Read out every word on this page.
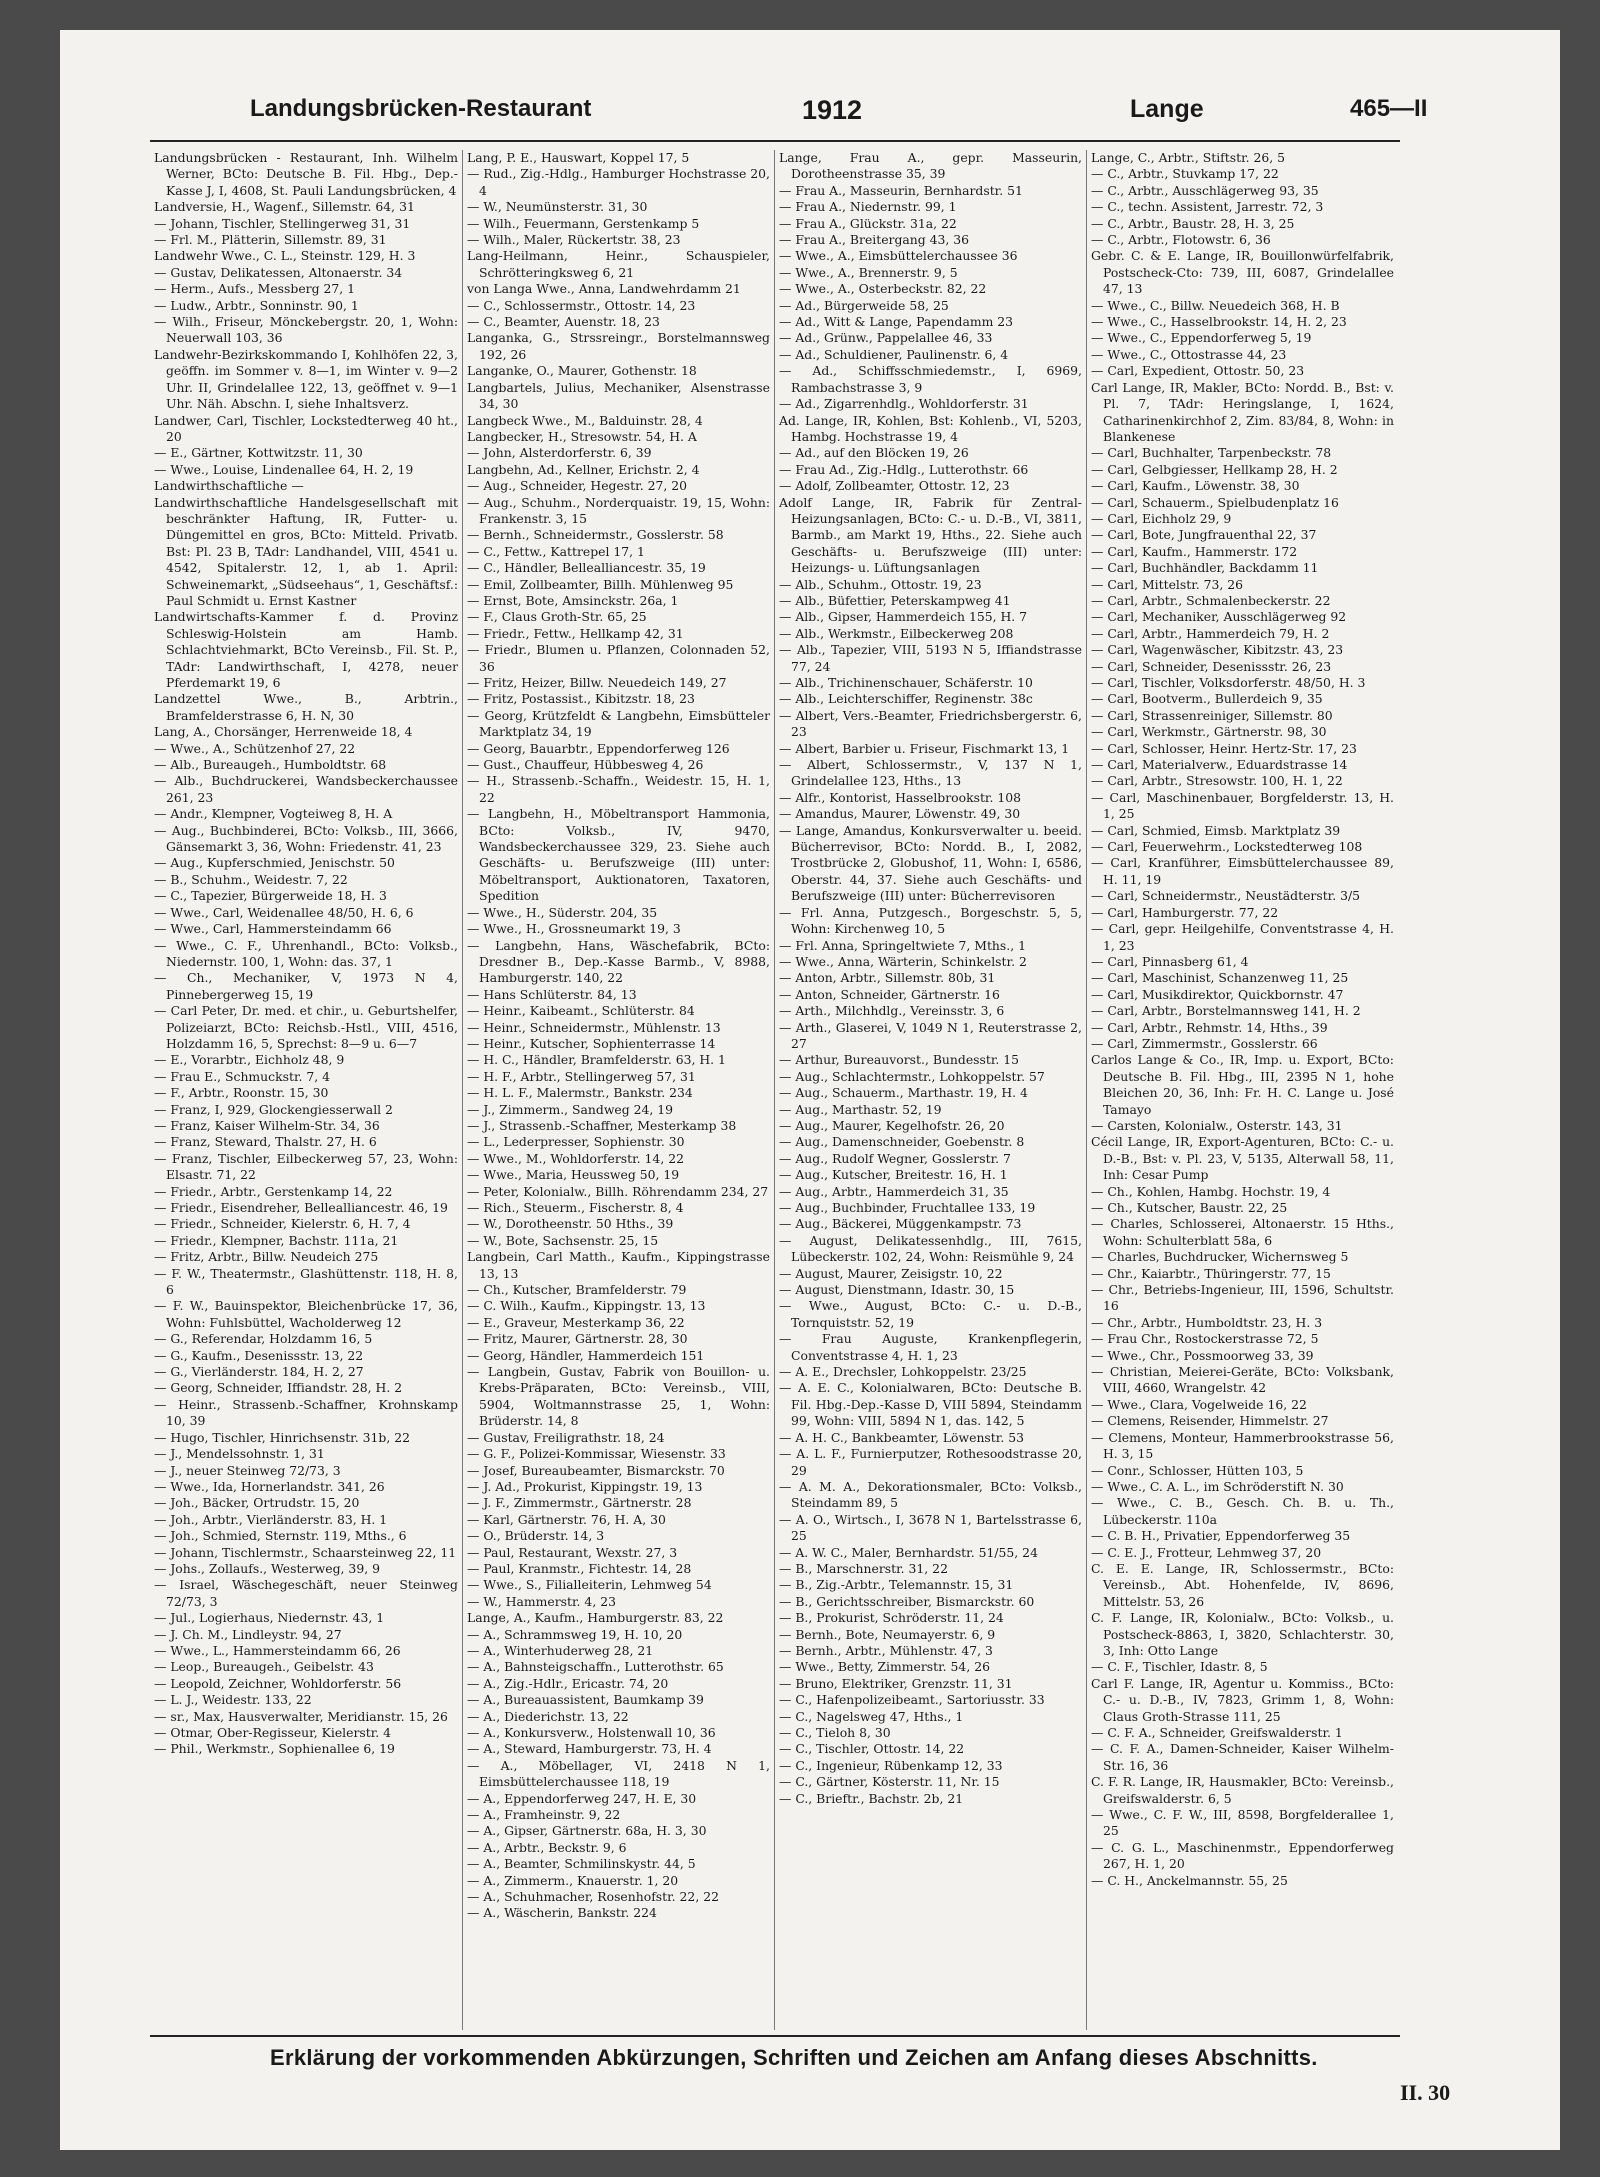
Landungsbrücken-Restaurant	1912	Lange	465—II
Landungsbrücken - Restaurant, Inh. Wilhelm Werner, BCto: Deutsche B. Fil. Hbg., Dep.-Kasse J, I, 4608, St. Pauli Landungsbrücken, 4
Landversie, H., Wagenf., Sillemstr. 64, 31
— Johann, Tischler, Stellingerweg 31, 31
— Frl. M., Plätterin, Sillemstr. 89, 31
Landwehr Wwe., C. L., Steinstr. 129, H. 3
— Gustav, Delikatessen, Altonaerstr. 34
— Herm., Aufs., Messberg 27, 1
— Ludw., Arbtr., Sonninstr. 90, 1
— Wilh., Friseur, Mönckebergstr. 20, 1, Wohn: Neuerwall 103, 36
Landwehr-Bezirkskommando I, Kohlhöfen 22, 3, geöffn. im Sommer v. 8—1, im Winter v. 9—2 Uhr. II, Grindelallee 122, 13, geöffnet v. 9—1 Uhr. Näh. Abschn. I, siehe Inhaltsverz.
Landwer, Carl, Tischler, Lockstedterweg 40 ht., 20
— E., Gärtner, Kottwitzstr. 11, 30
— Wwe., Louise, Lindenallee 64, H. 2, 19
Landwirthschaftliche —
Landwirthschaftliche Handelsgesellschaft mit beschränkter Haftung, IR, Futter- u. Düngemittel en gros, BCto: Mitteld. Privatb. Bst: Pl. 23 B, TAdr: Landhandel, VIII, 4541 u. 4542, Spitalerstr. 12, 1, ab 1. April: Schweinemarkt, „Südseehaus“, 1, Geschäftsf.: Paul Schmidt u. Ernst Kastner
Landwirtschafts-Kammer f. d. Provinz Schleswig-Holstein am Hamb. Schlachtviehmarkt, BCto Vereinsb., Fil. St. P., TAdr: Landwirthschaft, I, 4278, neuer Pferdemarkt 19, 6
Landzettel Wwe., B., Arbtrin., Bramfelderstrasse 6, H. N, 30
Lang, A., Chorsänger, Herrenweide 18, 4
— Wwe., A., Schützenhof 27, 22
— Alb., Bureaugeh., Humboldtstr. 68
— Alb., Buchdruckerei, Wandsbeckerchaussee 261, 23
— Andr., Klempner, Vogteiweg 8, H. A
— Aug., Buchbinderei, BCto: Volksb., III, 3666, Gänsemarkt 3, 36, Wohn: Friedenstr. 41, 23
— Aug., Kupferschmied, Jenischstr. 50
— B., Schuhm., Weidestr. 7, 22
— C., Tapezier, Bürgerweide 18, H. 3
— Wwe., Carl, Weidenallee 48/50, H. 6, 6
— Wwe., Carl, Hammersteindamm 66
— Wwe., C. F., Uhrenhandl., BCto: Volksb., Niedernstr. 100, 1, Wohn: das. 37, 1
— Ch., Mechaniker, V, 1973 N 4, Pinnebergerweg 15, 19
— Carl Peter, Dr. med. et chir., u. Geburtshelfer, Polizeiarzt, BCto: Reichsb.-Hstl., VIII, 4516, Holzdamm 16, 5, Sprechst: 8—9 u. 6—7
— E., Vorarbtr., Eichholz 48, 9
— Frau E., Schmuckstr. 7, 4
— F., Arbtr., Roonstr. 15, 30
— Franz, I, 929, Glockengiesserwall 2
— Franz, Kaiser Wilhelm-Str. 34, 36
— Franz, Steward, Thalstr. 27, H. 6
— Franz, Tischler, Eilbeckerweg 57, 23, Wohn: Elsastr. 71, 22
— Friedr., Arbtr., Gerstenkamp 14, 22
— Friedr., Eisendreher, Bellealliancestr. 46, 19
— Friedr., Schneider, Kielerstr. 6, H. 7, 4
— Friedr., Klempner, Bachstr. 111a, 21
— Fritz, Arbtr., Billw. Neudeich 275
— F. W., Theatermstr., Glashüttenstr. 118, H. 8, 6
— F. W., Bauinspektor, Bleichenbrücke 17, 36, Wohn: Fuhlsbüttel, Wacholderweg 12
— G., Referendar, Holzdamm 16, 5
— G., Kaufm., Desenissstr. 13, 22
— G., Vierländerstr. 184, H. 2, 27
— Georg, Schneider, Iffiandstr. 28, H. 2
— Heinr., Strassenb.-Schaffner, Krohnskamp 10, 39
— Hugo, Tischler, Hinrichsenstr. 31b, 22
— J., Mendelssohnstr. 1, 31
— J., neuer Steinweg 72/73, 3
— Wwe., Ida, Hornerlandstr. 341, 26
— Joh., Bäcker, Ortrudstr. 15, 20
— Joh., Arbtr., Vierländerstr. 83, H. 1
— Joh., Schmied, Sternstr. 119, Mths., 6
— Johann, Tischlermstr., Schaarsteinweg 22, 11
— Johs., Zollaufs., Westerweg, 39, 9
— Israel, Wäschegeschäft, neuer Steinweg 72/73, 3
— Jul., Logierhaus, Niedernstr. 43, 1
— J. Ch. M., Lindleystr. 94, 27
— Wwe., L., Hammersteindamm 66, 26
— Leop., Bureaugeh., Geibelstr. 43
— Leopold, Zeichner, Wohldorferstr. 56
— L. J., Weidestr. 133, 22
— sr., Max, Hausverwalter, Meridianstr. 15, 26
— Otmar, Ober-Regisseur, Kielerstr. 4
— Phil., Werkmstr., Sophienallee 6, 19
Lang, P. E., Hauswart, Koppel 17, 5
— Rud., Zig.-Hdlg., Hamburger Hochstrasse 20, 4
— W., Neumünsterstr. 31, 30
— Wilh., Feuermann, Gerstenkamp 5
— Wilh., Maler, Rückertstr. 38, 23
Lang-Heilmann, Heinr., Schauspieler, Schrötteringksweg 6, 21
von Langa Wwe., Anna, Landwehrdamm 21
— C., Schlossermstr., Ottostr. 14, 23
— C., Beamter, Auenstr. 18, 23
Langanka, G., Strssreingr., Borstelmannsweg 192, 26
Langanke, O., Maurer, Gothenstr. 18
Langbartels, Julius, Mechaniker, Alsenstrasse 34, 30
Langbeck Wwe., M., Balduinstr. 28, 4
Langbecker, H., Stresowstr. 54, H. A
— John, Alsterdorferstr. 6, 39
Langbehn, Ad., Kellner, Erichstr. 2, 4
— Aug., Schneider, Hegestr. 27, 20
— Aug., Schuhm., Norderquaistr. 19, 15, Wohn: Frankenstr. 3, 15
— Bernh., Schneidermstr., Gosslerstr. 58
— C., Fettw., Kattrepel 17, 1
— C., Händler, Bellealliancestr. 35, 19
— Emil, Zollbeamter, Billh. Mühlenweg 95
— Ernst, Bote, Amsinckstr. 26a, 1
— F., Claus Groth-Str. 65, 25
— Friedr., Fettw., Hellkamp 42, 31
— Friedr., Blumen u. Pflanzen, Colonnaden 52, 36
— Fritz, Heizer, Billw. Neuedeich 149, 27
— Fritz, Postassist., Kibitzstr. 18, 23
— Georg, Krützfeldt & Langbehn, Eimsbütteler Marktplatz 34, 19
— Georg, Bauarbtr., Eppendorferweg 126
— Gust., Chauffeur, Hübbesweg 4, 26
— H., Strassenb.-Schaffn., Weidestr. 15, H. 1, 22
— Langbehn, H., Möbeltransport Hammonia, BCto: Volksb., IV, 9470, Wandsbeckerchaussee 329, 23. Siehe auch Geschäfts- u. Berufszweige (III) unter: Möbeltransport, Auktionatoren, Taxatoren, Spedition
— Wwe., H., Süderstr. 204, 35
— Wwe., H., Grossneumarkt 19, 3
— Langbehn, Hans, Wäschefabrik, BCto: Dresdner B., Dep.-Kasse Barmb., V, 8988, Hamburgerstr. 140, 22
— Hans Schlüterstr. 84, 13
— Heinr., Kaibeamt., Schlüterstr. 84
— Heinr., Schneidermstr., Mühlenstr. 13
— Heinr., Kutscher, Sophienterrasse 14
— H. C., Händler, Bramfelderstr. 63, H. 1
— H. F., Arbtr., Stellingerweg 57, 31
— H. L. F., Malermstr., Bankstr. 234
— J., Zimmerm., Sandweg 24, 19
— J., Strassenb.-Schaffner, Mesterkamp 38
— L., Lederpresser, Sophienstr. 30
— Wwe., M., Wohldorferstr. 14, 22
— Wwe., Maria, Heussweg 50, 19
— Peter, Kolonialw., Billh. Röhrendamm 234, 27
— Rich., Steuerm., Fischerstr. 8, 4
— W., Dorotheenstr. 50 Hths., 39
— W., Bote, Sachsenstr. 25, 15
Langbein, Carl Matth., Kaufm., Kippingstrasse 13, 13
— Ch., Kutscher, Bramfelderstr. 79
— C. Wilh., Kaufm., Kippingstr. 13, 13
— E., Graveur, Mesterkamp 36, 22
— Fritz, Maurer, Gärtnerstr. 28, 30
— Georg, Händler, Hammerdeich 151
— Langbein, Gustav, Fabrik von Bouillon- u. Krebs-Präparaten, BCto: Vereinsb., VIII, 5904, Woltmannstrasse 25, 1, Wohn: Brüderstr. 14, 8
— Gustav, Freiligrathstr. 18, 24
— G. F., Polizei-Kommissar, Wiesenstr. 33
— Josef, Bureaubeamter, Bismarckstr. 70
— J. Ad., Prokurist, Kippingstr. 19, 13
— J. F., Zimmermstr., Gärtnerstr. 28
— Karl, Gärtnerstr. 76, H. A, 30
— O., Brüderstr. 14, 3
— Paul, Restaurant, Wexstr. 27, 3
— Paul, Kranmstr., Fichtestr. 14, 28
— Wwe., S., Filialleiterin, Lehmweg 54
— W., Hammerstr. 4, 23
Lange, A., Kaufm., Hamburgerstr. 83, 22
— A., Schrammsweg 19, H. 10, 20
— A., Winterhuderweg 28, 21
— A., Bahnsteigschaffn., Lutterothstr. 65
— A., Zig.-Hdlr., Ericastr. 74, 20
— A., Bureauassistent, Baumkamp 39
— A., Diederichstr. 13, 22
— A., Konkursverw., Holstenwall 10, 36
— A., Steward, Hamburgerstr. 73, H. 4
— A., Möbellager, VI, 2418 N 1, Eimsbüttelerchaussee 118, 19
— A., Eppendorferweg 247, H. E, 30
— A., Framheinstr. 9, 22
— A., Gipser, Gärtnerstr. 68a, H. 3, 30
— A., Arbtr., Beckstr. 9, 6
— A., Beamter, Schmilinskystr. 44, 5
— A., Zimmerm., Knauerstr. 1, 20
— A., Schuhmacher, Rosenhofstr. 22, 22
— A., Wäscherin, Bankstr. 224
Lange, Frau A., gepr. Masseurin, Dorotheenstrasse 35, 39
— Frau A., Masseurin, Bernhardstr. 51
— Frau A., Niedernstr. 99, 1
— Frau A., Glückstr. 31a, 22
— Frau A., Breitergang 43, 36
— Wwe., A., Eimsbüttelerchaussee 36
— Wwe., A., Brennerstr. 9, 5
— Wwe., A., Osterbeckstr. 82, 22
— Ad., Bürgerweide 58, 25
— Ad., Witt & Lange, Papendamm 23
— Ad., Grünw., Pappelallee 46, 33
— Ad., Schuldiener, Paulinenstr. 6, 4
— Ad., Schiffsschmiedemstr., I, 6969, Rambachstrasse 3, 9
— Ad., Zigarrenhdlg., Wohldorferstr. 31
Ad. Lange, IR, Kohlen, Bst: Kohlenb., VI, 5203, Hambg. Hochstrasse 19, 4
— Ad., auf den Blöcken 19, 26
— Frau Ad., Zig.-Hdlg., Lutterothstr. 66
— Adolf, Zollbeamter, Ottostr. 12, 23
Adolf Lange, IR, Fabrik für Zentral-Heizungsanlagen, BCto: C.- u. D.-B., VI, 3811, Barmb., am Markt 19, Hths., 22. Siehe auch Geschäfts- u. Berufszweige (III) unter: Heizungs- u. Lüftungsanlagen
— Alb., Schuhm., Ottostr. 19, 23
— Alb., Büfettier, Peterskampweg 41
— Alb., Gipser, Hammerdeich 155, H. 7
— Alb., Werkmstr., Eilbeckerweg 208
— Alb., Tapezier, VIII, 5193 N 5, Iffiandstrasse 77, 24
— Alb., Trichinenschauer, Schäferstr. 10
— Alb., Leichterschiffer, Reginenstr. 38c
— Albert, Vers.-Beamter, Friedrichsbergerstr. 6, 23
— Albert, Barbier u. Friseur, Fischmarkt 13, 1
— Albert, Schlossermstr., V, 137 N 1, Grindelallee 123, Hths., 13
— Alfr., Kontorist, Hasselbrookstr. 108
— Amandus, Maurer, Löwenstr. 49, 30
— Lange, Amandus, Konkursverwalter u. beeid. Bücherrevisor, BCto: Nordd. B., I, 2082, Trostbrücke 2, Globushof, 11, Wohn: I, 6586, Oberstr. 44, 37. Siehe auch Geschäfts- und Berufszweige (III) unter: Bücherrevisoren
— Frl. Anna, Putzgesch., Borgeschstr. 5, 5, Wohn: Kirchenweg 10, 5
— Frl. Anna, Springeltwiete 7, Mths., 1
— Wwe., Anna, Wärterin, Schinkelstr. 2
— Anton, Arbtr., Sillemstr. 80b, 31
— Anton, Schneider, Gärtnerstr. 16
— Arth., Milchhdlg., Vereinsstr. 3, 6
— Arth., Glaserei, V, 1049 N 1, Reuterstrasse 2, 27
— Arthur, Bureauvorst., Bundesstr. 15
— Aug., Schlachtermstr., Lohkoppelstr. 57
— Aug., Schauerm., Marthastr. 19, H. 4
— Aug., Marthastr. 52, 19
— Aug., Maurer, Kegelhofstr. 26, 20
— Aug., Damenschneider, Goebenstr. 8
— Aug., Rudolf Wegner, Gosslerstr. 7
— Aug., Kutscher, Breitestr. 16, H. 1
— Aug., Arbtr., Hammerdeich 31, 35
— Aug., Buchbinder, Fruchtallee 133, 19
— Aug., Bäckerei, Müggenkampstr. 73
— August, Delikatessenhdlg., III, 7615, Lübeckerstr. 102, 24, Wohn: Reismühle 9, 24
— August, Maurer, Zeisigstr. 10, 22
— August, Dienstmann, Idastr. 30, 15
— Wwe., August, BCto: C.- u. D.-B., Tornquiststr. 52, 19
— Frau Auguste, Krankenpflegerin, Conventstrasse 4, H. 1, 23
— A. E., Drechsler, Lohkoppelstr. 23/25
— A. E. C., Kolonialwaren, BCto: Deutsche B. Fil. Hbg.-Dep.-Kasse D, VIII 5894, Steindamm 99, Wohn: VIII, 5894 N 1, das. 142, 5
— A. H. C., Bankbeamter, Löwenstr. 53
— A. L. F., Furnierputzer, Rothesoodstrasse 20, 29
— A. M. A., Dekorationsmaler, BCto: Volksb., Steindamm 89, 5
— A. O., Wirtsch., I, 3678 N 1, Bartelsstrasse 6, 25
— A. W. C., Maler, Bernhardstr. 51/55, 24
— B., Marschnerstr. 31, 22
— B., Zig.-Arbtr., Telemannstr. 15, 31
— B., Gerichtsschreiber, Bismarckstr. 60
— B., Prokurist, Schröderstr. 11, 24
— Bernh., Bote, Neumayerstr. 6, 9
— Bernh., Arbtr., Mühlenstr. 47, 3
— Wwe., Betty, Zimmerstr. 54, 26
— Bruno, Elektriker, Grenzstr. 11, 31
— C., Hafenpolizeibeamt., Sartoriusstr. 33
— C., Nagelsweg 47, Hths., 1
— C., Tieloh 8, 30
— C., Tischler, Ottostr. 14, 22
— C., Ingenieur, Rübenkamp 12, 33
— C., Gärtner, Kösterstr. 11, Nr. 15
— C., Brieftr., Bachstr. 2b, 21
Lange, C., Arbtr., Stiftstr. 26, 5
— C., Arbtr., Stuvkamp 17, 22
— C., Arbtr., Ausschlägerweg 93, 35
— C., techn. Assistent, Jarrestr. 72, 3
— C., Arbtr., Baustr. 28, H. 3, 25
— C., Arbtr., Flotowstr. 6, 36
Gebr. C. & E. Lange, IR, Bouillonwürfelfabrik, Postscheck-Cto: 739, III, 6087, Grindelallee 47, 13
— Wwe., C., Billw. Neuedeich 368, H. B
— Wwe., C., Hasselbrookstr. 14, H. 2, 23
— Wwe., C., Eppendorferweg 5, 19
— Wwe., C., Ottostrasse 44, 23
— Carl, Expedient, Ottostr. 50, 23
Carl Lange, IR, Makler, BCto: Nordd. B., Bst: v. Pl. 7, TAdr: Heringslange, I, 1624, Catharinenkirchhof 2, Zim. 83/84, 8, Wohn: in Blankenese
— Carl, Buchhalter, Tarpenbeckstr. 78
— Carl, Gelbgiesser, Hellkamp 28, H. 2
— Carl, Kaufm., Löwenstr. 38, 30
— Carl, Schauerm., Spielbudenplatz 16
— Carl, Eichholz 29, 9
— Carl, Bote, Jungfrauenthal 22, 37
— Carl, Kaufm., Hammerstr. 172
— Carl, Buchhändler, Backdamm 11
— Carl, Mittelstr. 73, 26
— Carl, Arbtr., Schmalenbeckerstr. 22
— Carl, Mechaniker, Ausschlägerweg 92
— Carl, Arbtr., Hammerdeich 79, H. 2
— Carl, Wagenwäscher, Kibitzstr. 43, 23
— Carl, Schneider, Desenissstr. 26, 23
— Carl, Tischler, Volksdorferstr. 48/50, H. 3
— Carl, Bootverm., Bullerdeich 9, 35
— Carl, Strassenreiniger, Sillemstr. 80
— Carl, Werkmstr., Gärtnerstr. 98, 30
— Carl, Schlosser, Heinr. Hertz-Str. 17, 23
— Carl, Materialverw., Eduardstrasse 14
— Carl, Arbtr., Stresowstr. 100, H. 1, 22
— Carl, Maschinenbauer, Borgfelderstr. 13, H. 1, 25
— Carl, Schmied, Eimsb. Marktplatz 39
— Carl, Feuerwehrm., Lockstedterweg 108
— Carl, Kranführer, Eimsbüttelerchaussee 89, H. 11, 19
— Carl, Schneidermstr., Neustädterstr. 3/5
— Carl, Hamburgerstr. 77, 22
— Carl, gepr. Heilgehilfe, Conventstrasse 4, H. 1, 23
— Carl, Pinnasberg 61, 4
— Carl, Maschinist, Schanzenweg 11, 25
— Carl, Musikdirektor, Quickbornstr. 47
— Carl, Arbtr., Borstelmannsweg 141, H. 2
— Carl, Arbtr., Rehmstr. 14, Hths., 39
— Carl, Zimmermstr., Gosslerstr. 66
Carlos Lange & Co., IR, Imp. u. Export, BCto: Deutsche B. Fil. Hbg., III, 2395 N 1, hohe Bleichen 20, 36, Inh: Fr. H. C. Lange u. José Tamayo
— Carsten, Kolonialw., Osterstr. 143, 31
Cécil Lange, IR, Export-Agenturen, BCto: C.- u. D.-B., Bst: v. Pl. 23, V, 5135, Alterwall 58, 11, Inh: Cesar Pump
— Ch., Kohlen, Hambg. Hochstr. 19, 4
— Ch., Kutscher, Baustr. 22, 25
— Charles, Schlosserei, Altonaerstr. 15 Hths., Wohn: Schulterblatt 58a, 6
— Charles, Buchdrucker, Wichernsweg 5
— Chr., Kaiarbtr., Thüringerstr. 77, 15
— Chr., Betriebs-Ingenieur, III, 1596, Schultstr. 16
— Chr., Arbtr., Humboldtstr. 23, H. 3
— Frau Chr., Rostockerstrasse 72, 5
— Wwe., Chr., Possmoorweg 33, 39
— Christian, Meierei-Geräte, BCto: Volksbank, VIII, 4660, Wrangelstr. 42
— Wwe., Clara, Vogelweide 16, 22
— Clemens, Reisender, Himmelstr. 27
— Clemens, Monteur, Hammerbrookstrasse 56, H. 3, 15
— Conr., Schlosser, Hütten 103, 5
— Wwe., C. A. L., im Schröderstift N. 30
— Wwe., C. B., Gesch. Ch. B. u. Th., Lübeckerstr. 110a
— C. B. H., Privatier, Eppendorferweg 35
— C. E. J., Frotteur, Lehmweg 37, 20
C. E. E. Lange, IR, Schlossermstr., BCto: Vereinsb., Abt. Hohenfelde, IV, 8696, Mittelstr. 53, 26
C. F. Lange, IR, Kolonialw., BCto: Volksb., u. Postscheck-8863, I, 3820, Schlachterstr. 30, 3, Inh: Otto Lange
— C. F., Tischler, Idastr. 8, 5
Carl F. Lange, IR, Agentur u. Kommiss., BCto: C.- u. D.-B., IV, 7823, Grimm 1, 8, Wohn: Claus Groth-Strasse 111, 25
— C. F. A., Schneider, Greifswalderstr. 1
— C. F. A., Damen-Schneider, Kaiser Wilhelm-Str. 16, 36
C. F. R. Lange, IR, Hausmakler, BCto: Vereinsb., Greifswalderstr. 6, 5
— Wwe., C. F. W., III, 8598, Borgfelderallee 1, 25
— C. G. L., Maschinenmstr., Eppendorferweg 267, H. 1, 20
— C. H., Anckelmannstr. 55, 25
Erklärung der vorkommenden Abkürzungen, Schriften und Zeichen am Anfang dieses Abschnitts.
II. 30
